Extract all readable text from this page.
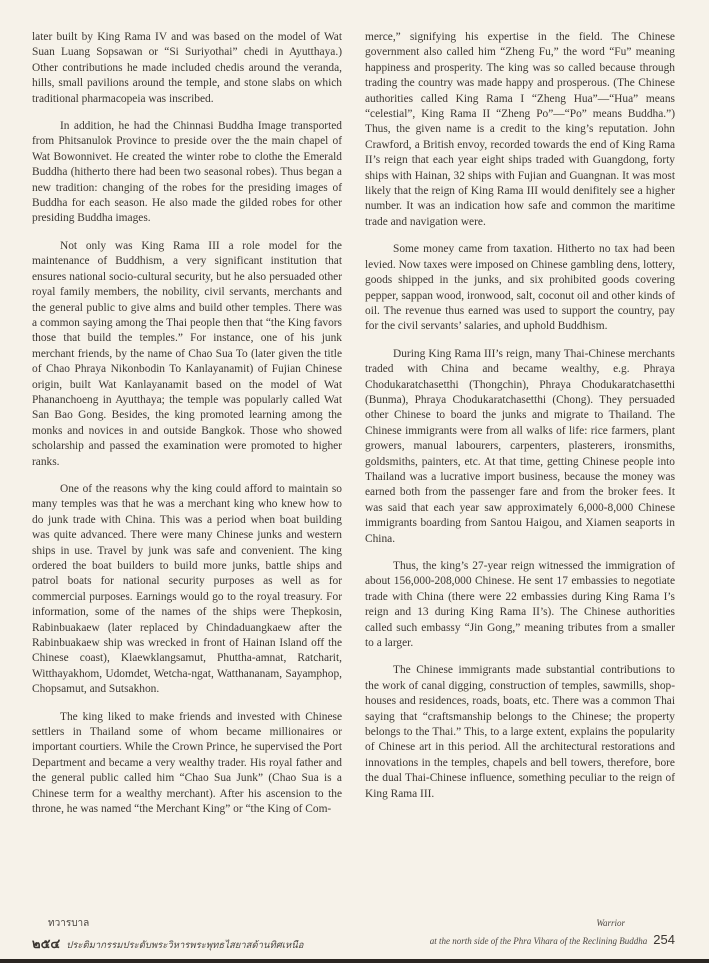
later built by King Rama IV and was based on the model of Wat Suan Luang Sopsawan or “Si Suriyothai” chedi in Ayutthaya.) Other contributions he made included chedis around the veranda, hills, small pavilions around the temple, and stone slabs on which traditional pharmacopeia was inscribed.

In addition, he had the Chinnasi Buddha Image transported from Phitsanulok Province to preside over the the main chapel of Wat Bowonnivet. He created the winter robe to clothe the Emerald Buddha (hitherto there had been two seasonal robes). Thus began a new tradition: changing of the robes for the presiding images of Buddha for each season. He also made the gilded robes for other presiding Buddha images.

Not only was King Rama III a role model for the maintenance of Buddhism, a very significant institution that ensures national socio-cultural security, but he also persuaded other royal family members, the nobility, civil servants, merchants and the general public to give alms and build other temples. There was a common saying among the Thai people then that “the King favors those that build the temples.” For instance, one of his junk merchant friends, by the name of Chao Sua To (later given the title of Chao Phraya Nikonbodin To Kanlayanamit) of Fujian Chinese origin, built Wat Kanlayanamit based on the model of Wat Phananchoeng in Ayutthaya; the temple was popularly called Wat San Bao Gong. Besides, the king promoted learning among the monks and novices in and outside Bangkok. Those who showed scholarship and passed the examination were promoted to higher ranks.

One of the reasons why the king could afford to maintain so many temples was that he was a merchant king who knew how to do junk trade with China. This was a period when boat building was quite advanced. There were many Chinese junks and western ships in use. Travel by junk was safe and convenient. The king ordered the boat builders to build more junks, battle ships and patrol boats for national security purposes as well as for commercial purposes. Earnings would go to the royal treasury. For information, some of the names of the ships were Thepkosin, Rabinbuakaew (later replaced by Chindaduangkaew after the Rabinbuakaew ship was wrecked in front of Hainan Island off the Chinese coast), Klaewklangsamut, Phuttha-amnat, Ratcharit, Witthayakhom, Udomdet, Wetcha-ngat, Watthananam, Sayamphop, Chopsamut, and Sutsakhon.

The king liked to make friends and invested with Chinese settlers in Thailand some of whom became millionaires or important courtiers. While the Crown Prince, he supervised the Port Department and became a very wealthy trader. His royal father and the general public called him “Chao Sua Junk” (Chao Sua is a Chinese term for a wealthy merchant). After his ascension to the throne, he was named “the Merchant King” or “the King of Com-

merce,” signifying his expertise in the field. The Chinese government also called him “Zheng Fu,” the word “Fu” meaning happiness and prosperity. The king was so called because through trading the country was made happy and prosperous. (The Chinese authorities called King Rama I “Zheng Hua”—“Hua” means “celestial”, King Rama II “Zheng Po”—“Po” means Buddha.”) Thus, the given name is a credit to the king’s reputation. John Crawford, a British envoy, recorded towards the end of King Rama II’s reign that each year eight ships traded with Guangdong, forty ships with Hainan, 32 ships with Fujian and Guangnan. It was most likely that the reign of King Rama III would denifitely see a higher number. It was an indication how safe and common the maritime trade and navigation were.

Some money came from taxation. Hitherto no tax had been levied. Now taxes were imposed on Chinese gambling dens, lottery, goods shipped in the junks, and six prohibited goods covering pepper, sappan wood, ironwood, salt, coconut oil and other kinds of oil. The revenue thus earned was used to support the country, pay for the civil servants’ salaries, and uphold Buddhism.

During King Rama III’s reign, many Thai-Chinese merchants traded with China and became wealthy, e.g. Phraya Chodukaratchasetthi (Thongchin), Phraya Chodukaratchasetthi (Bunma), Phraya Chodukaratchasetthi (Chong). They persuaded other Chinese to board the junks and migrate to Thailand. The Chinese immigrants were from all walks of life: rice farmers, plant growers, manual labourers, carpenters, plasterers, ironsmiths, goldsmiths, painters, etc. At that time, getting Chinese people into Thailand was a lucrative import business, because the money was earned both from the passenger fare and from the broker fees. It was said that each year saw approximately 6,000-8,000 Chinese immigrants boarding from Santou Haigou, and Xiamen seaports in China.

Thus, the king’s 27-year reign witnessed the immigration of about 156,000-208,000 Chinese. He sent 17 embassies to negotiate trade with China (there were 22 embassies during King Rama I’s reign and 13 during King Rama II’s). The Chinese authorities called such embassy “Jin Gong,” meaning tributes from a smaller to a larger.

The Chinese immigrants made substantial contributions to the work of canal digging, construction of temples, sawmills, shop-houses and residences, roads, boats, etc. There was a common Thai saying that “craftsmanship belongs to the Chinese; the property belongs to the Thai.” This, to a large extent, explains the popularity of Chinese art in this period. All the architectural restorations and innovations in the temples, chapels and bell towers, therefore, bore the dual Thai-Chinese influence, something peculiar to the reign of King Rama III.

ทวารบาล
๒๕๔ ประติมากรรมประดับพระวิหารพระพุทธไสยาสด้านทิศเหนือ
Warrior
at the north side of the Phra Vihara of the Reclining Buddha 254
